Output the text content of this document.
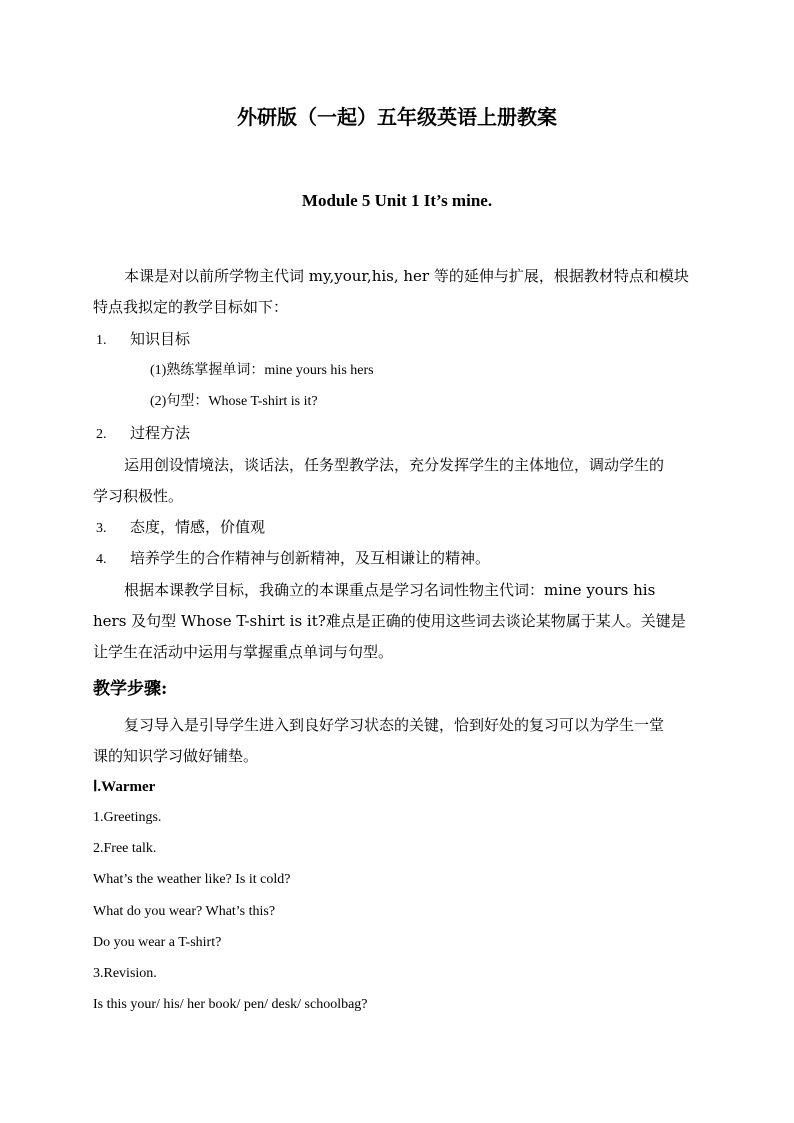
外研版（一起）五年级英语上册教案
Module 5 Unit 1 It’s mine.
本课是对以前所学物主代词 my,your,his, her 等的延伸与扩展，根据教材特点和模块
特点我拟定的教学目标如下：
1. 知识目标
(1)熟练掌握单词：mine yours his hers
(2)句型：Whose T-shirt is it?
2. 过程方法
运用创设情境法，谈话法，任务型教学法，充分发挥学生的主体地位，调动学生的
学习积极性。
3. 态度，情感，价值观
4. 培养学生的合作精神与创新精神，及互相谦让的精神。
根据本课教学目标，我确立的本课重点是学习名词性物主代词：mine yours his
hers 及句型 Whose T-shirt is it?难点是正确的使用这些词去谈论某物属于某人。关键是
让学生在活动中运用与掌握重点单词与句型。
教学步骤:
复习导入是引导学生进入到良好学习状态的关键，恰到好处的复习可以为学生一堂
课的知识学习做好铺垫。
Ⅰ.Warmer
1.Greetings.
2.Free talk.
What’s the weather like? Is it cold?
What do you wear? What’s this?
Do you wear a T-shirt?
3.Revision.
Is this your/ his/ her book/ pen/ desk/ schoolbag?
